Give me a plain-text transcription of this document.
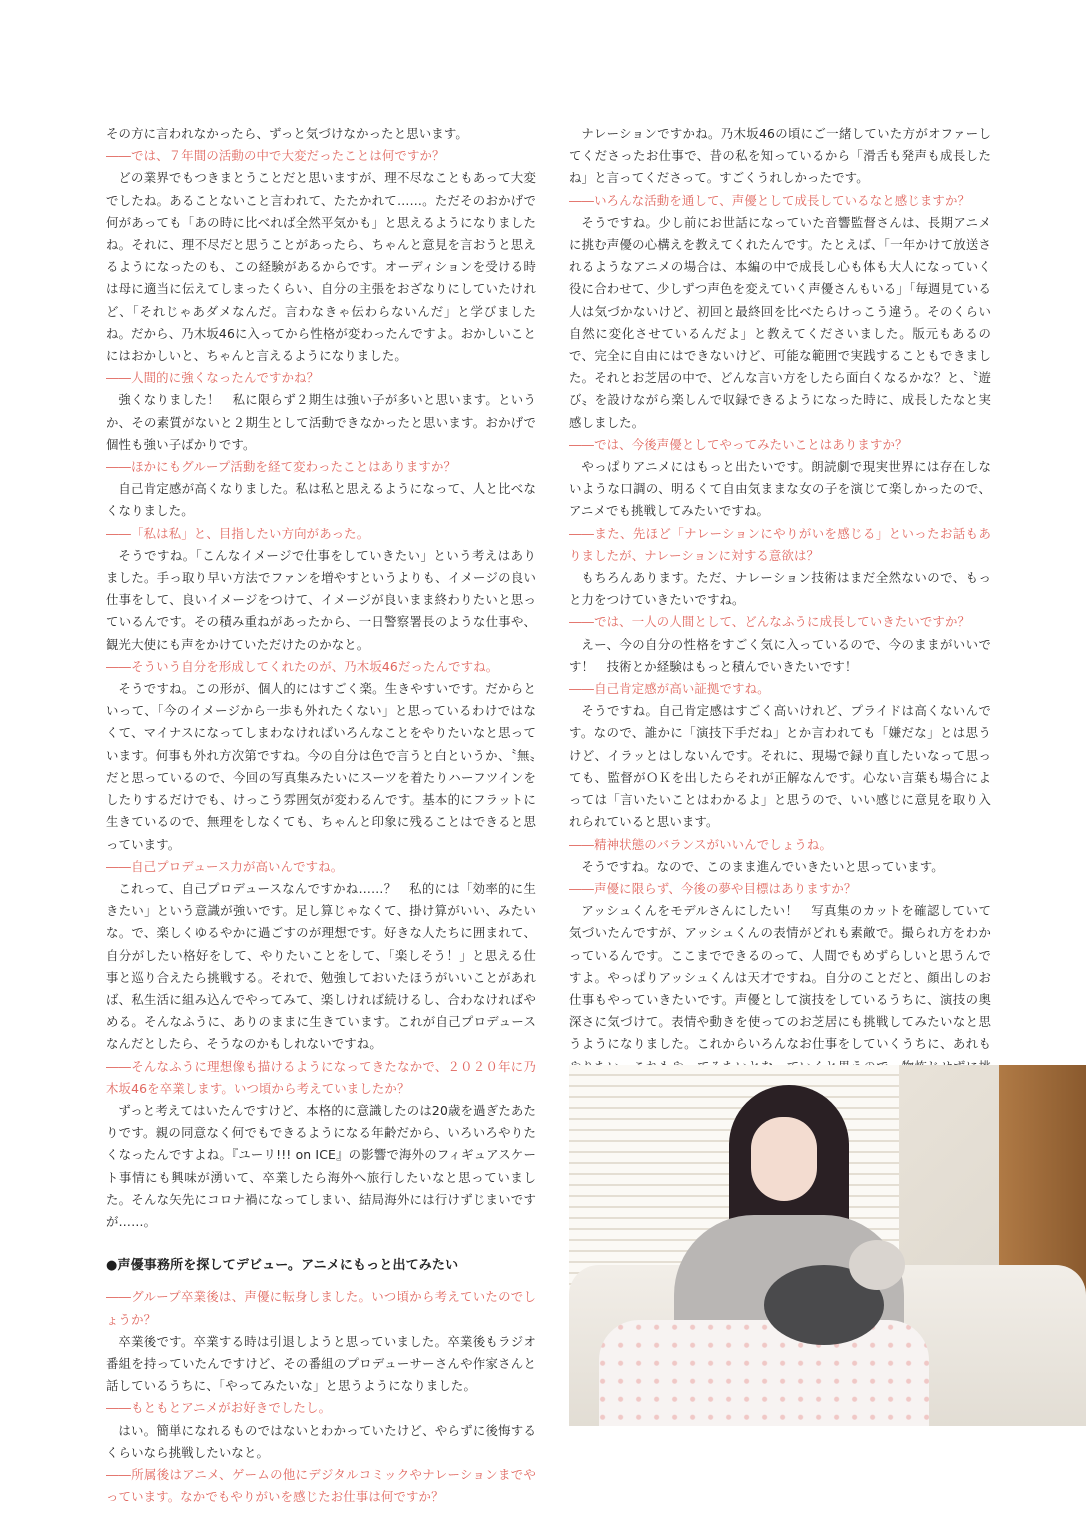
その方に言われなかったら、ずっと気づけなかったと思います。

――では、７年間の活動の中で大変だったことは何ですか？

どの業界でもつきまとうことだと思いますが、理不尽なこともあって大変でしたね。あることないこと言われて、たたかれて……。ただそのおかげで何があっても「あの時に比べれば全然平気かも」と思えるようになりましたね。それに、理不尽だと思うことがあったら、ちゃんと意見を言おうと思えるようになったのも、この経験があるからです。オーディションを受ける時は母に適当に伝えてしまったくらい、自分の主張をおざなりにしていたけれど、「それじゃあダメなんだ。言わなきゃ伝わらないんだ」と学びましたね。だから、乃木坂46に入ってから性格が変わったんですよ。おかしいことにはおかしいと、ちゃんと言えるようになりました。

――人間的に強くなったんですかね？

強くなりました！　私に限らず２期生は強い子が多いと思います。というか、その素質がないと２期生として活動できなかったと思います。おかげで個性も強い子ばかりです。

――ほかにもグループ活動を経て変わったことはありますか？

自己肯定感が高くなりました。私は私と思えるようになって、人と比べなくなりました。

――「私は私」と、目指したい方向があった。

そうですね。「こんなイメージで仕事をしていきたい」という考えはありました。手っ取り早い方法でファンを増やすというよりも、イメージの良い仕事をして、良いイメージをつけて、イメージが良いまま終わりたいと思っているんです。その積み重ねがあったから、一日警察署長のような仕事や、観光大使にも声をかけていただけたのかなと。

――そういう自分を形成してくれたのが、乃木坂46だったんですね。

そうですね。この形が、個人的にはすごく楽。生きやすいです。だからといって、「今のイメージから一歩も外れたくない」と思っているわけではなくて、マイナスになってしまわなければいろんなことをやりたいなと思っています。何事も外れ方次第ですね。今の自分は色で言うと白というか、〝無〟だと思っているので、今回の写真集みたいにスーツを着たりハーフツインをしたりするだけでも、けっこう雰囲気が変わるんです。基本的にフラットに生きているので、無理をしなくても、ちゃんと印象に残ることはできると思っています。

――自己プロデュース力が高いんですね。

これって、自己プロデュースなんですかね……？　私的には「効率的に生きたい」という意識が強いです。足し算じゃなくて、掛け算がいい、みたいな。で、楽しくゆるやかに過ごすのが理想です。好きな人たちに囲まれて、自分がしたい格好をして、やりたいことをして、「楽しそう！」と思える仕事と巡り合えたら挑戦する。それで、勉強しておいたほうがいいことがあれば、私生活に組み込んでやってみて、楽しければ続けるし、合わなければやめる。そんなふうに、ありのままに生きています。これが自己プロデュースなんだとしたら、そうなのかもしれないですね。

――そんなふうに理想像も描けるようになってきたなかで、２０２０年に乃木坂46を卒業します。いつ頃から考えていましたか？

ずっと考えてはいたんですけど、本格的に意識したのは20歳を過ぎたあたりです。親の同意なく何でもできるようになる年齢だから、いろいろやりたくなったんですよね。『ユーリ!!! on ICE』の影響で海外のフィギュアスケート事情にも興味が湧いて、卒業したら海外へ旅行したいなと思っていました。そんな矢先にコロナ禍になってしまい、結局海外には行けずじまいですが……。

●声優事務所を探してデビュー。アニメにもっと出てみたい

――グループ卒業後は、声優に転身しました。いつ頃から考えていたのでしょうか？

卒業後です。卒業する時は引退しようと思っていました。卒業後もラジオ番組を持っていたんですけど、その番組のプロデューサーさんや作家さんと話しているうちに、「やってみたいな」と思うようになりました。

――もともとアニメがお好きでしたし。

はい。簡単になれるものではないとわかっていたけど、やらずに後悔するくらいなら挑戦したいなと。

――所属後はアニメ、ゲームの他にデジタルコミックやナレーションまでやっています。なかでもやりがいを感じたお仕事は何ですか？

ナレーションですかね。乃木坂46の頃にご一緒していた方がオファーしてくださったお仕事で、昔の私を知っているから「滑舌も発声も成長したね」と言ってくださって。すごくうれしかったです。

――いろんな活動を通して、声優として成長しているなと感じますか？

そうですね。少し前にお世話になっていた音響監督さんは、長期アニメに挑む声優の心構えを教えてくれたんです。たとえば、「一年かけて放送されるようなアニメの場合は、本編の中で成長し心も体も大人になっていく役に合わせて、少しずつ声色を変えていく声優さんもいる」「毎週見ている人は気づかないけど、初回と最終回を比べたらけっこう違う。そのくらい自然に変化させているんだよ」と教えてくださいました。版元もあるので、完全に自由にはできないけど、可能な範囲で実践することもできました。それとお芝居の中で、どんな言い方をしたら面白くなるかな？と、〝遊び〟を設けながら楽しんで収録できるようになった時に、成長したなと実感しました。

――では、今後声優としてやってみたいことはありますか？

やっぱりアニメにはもっと出たいです。朗読劇で現実世界には存在しないような口調の、明るくて自由気ままな女の子を演じて楽しかったので、アニメでも挑戦してみたいですね。

――また、先ほど「ナレーションにやりがいを感じる」といったお話もありましたが、ナレーションに対する意欲は？

もちろんあります。ただ、ナレーション技術はまだ全然ないので、もっと力をつけていきたいですね。

――では、一人の人間として、どんなふうに成長していきたいですか？

えー、今の自分の性格をすごく気に入っているので、今のままがいいです！　技術とか経験はもっと積んでいきたいです！

――自己肯定感が高い証拠ですね。

そうですね。自己肯定感はすごく高いけれど、プライドは高くないんです。なので、誰かに「演技下手だね」とか言われても「嫌だな」とは思うけど、イラッとはしないんです。それに、現場で録り直したいなって思っても、監督がＯＫを出したらそれが正解なんです。心ない言葉も場合によっては「言いたいことはわかるよ」と思うので、いい感じに意見を取り入れられていると思います。

――精神状態のバランスがいいんでしょうね。

そうですね。なので、このまま進んでいきたいと思っています。

――声優に限らず、今後の夢や目標はありますか？

アッシュくんをモデルさんにしたい！　写真集のカットを確認していて気づいたんですが、アッシュくんの表情がどれも素敵で。撮られ方をわかっているんです。ここまでできるのって、人間でもめずらしいと思うんですよ。やっぱりアッシュくんは天才ですね。自分のことだと、顔出しのお仕事もやっていきたいです。声優として演技をしているうちに、演技の奥深さに気づけて。表情や動きを使ってのお芝居にも挑戦してみたいなと思うようになりました。これからいろんなお仕事をしていくうちに、あれも
